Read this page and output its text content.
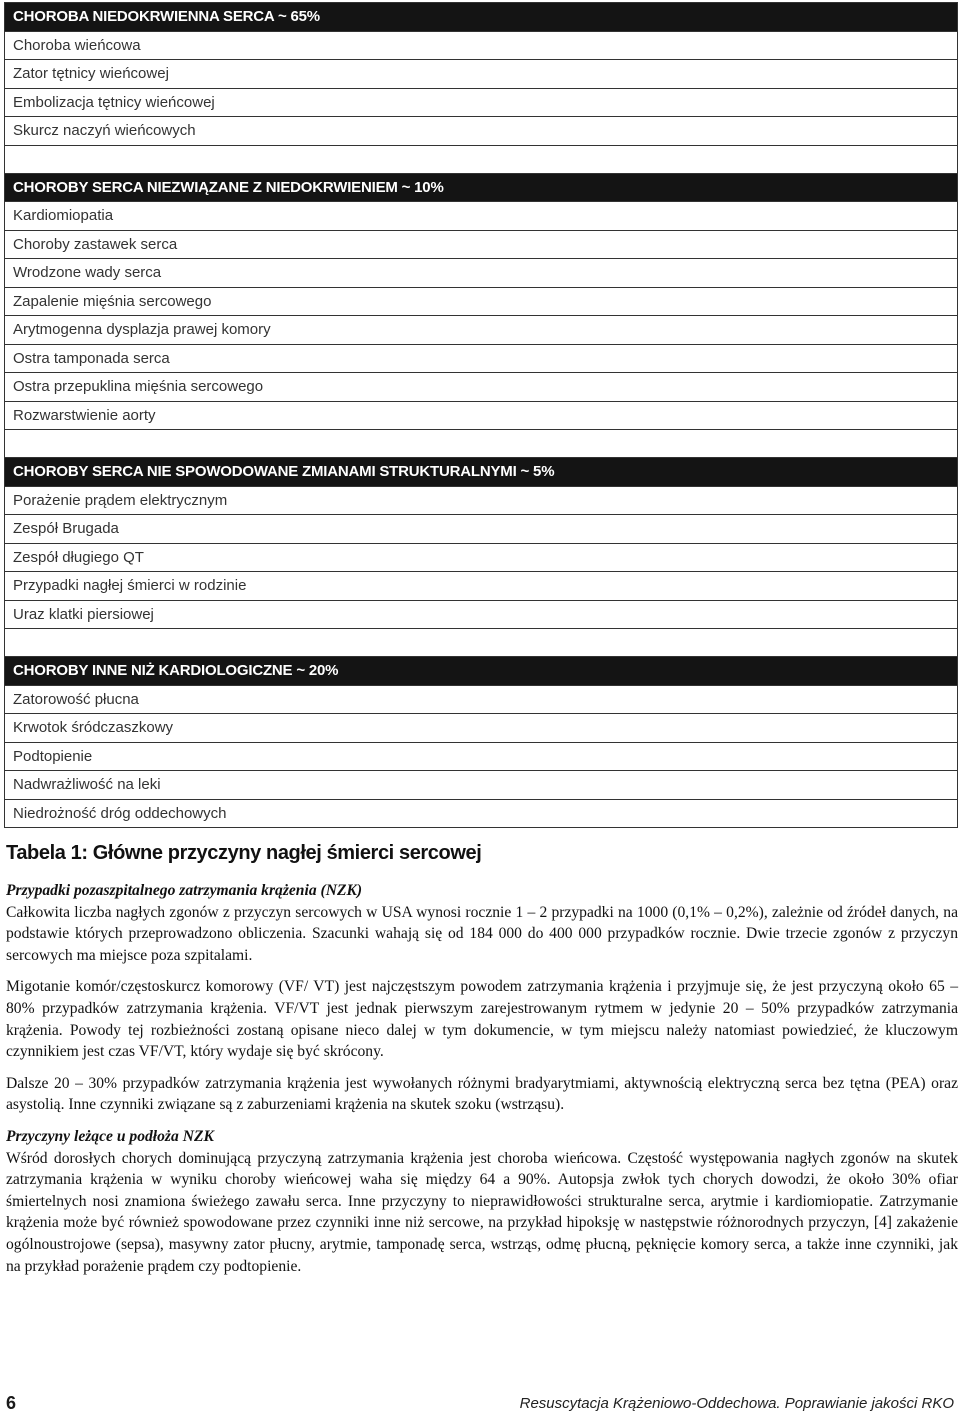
CHOROBA NIEDOKRWIENNA SERCA ~ 65%
Choroba wieńcowa
Zator tętnicy wieńcowej
Embolizacja tętnicy wieńcowej
Skurcz naczyń wieńcowych

CHOROBY SERCA NIEZWIĄZANE Z NIEDOKRWIENIEM ~ 10%
Kardiomiopatia
Choroby zastawek serca
Wrodzone wady serca
Zapalenie mięśnia sercowego
Arytmogenna dysplazja prawej komory
Ostra tamponada serca
Ostra przepuklina mięśnia sercowego
Rozwarstwienie aorty

CHOROBY SERCA NIE SPOWODOWANE ZMIANAMI STRUKTURALNYMI ~ 5%
Porażenie prądem elektrycznym
Zespół Brugada
Zespół długiego QT
Przypadki nagłej śmierci w rodzinie
Uraz klatki piersiowej

CHOROBY INNE NIŻ KARDIOLOGICZNE ~ 20%
Zatorowość płucna
Krwotok śródczaszkowy
Podtopienie
Nadwrażliwość na leki
Niedrożność dróg oddechowych
Tabela 1: Główne przyczyny nagłej śmierci sercowej
Przypadki pozaszpitalnego zatrzymania krążenia (NZK)

Całkowita liczba nagłych zgonów z przyczyn sercowych w USA wynosi rocznie 1 – 2 przypadki na 1000 (0,1% – 0,2%), zależnie od źródeł danych, na podstawie których przeprowadzono obliczenia. Szacunki wahają się od 184 000 do 400 000 przypadków rocznie. Dwie trzecie zgonów z przyczyn sercowych ma miejsce poza szpitalami.

Migotanie komór/częstoskurcz komorowy (VF/ VT) jest najczęstszym powodem zatrzymania krążenia i przyjmuje się, że jest przyczyną około 65 – 80% przypadków zatrzymania krążenia. VF/VT jest jednak pierwszym zarejestrowanym rytmem w jedynie 20 – 50% przypadków zatrzymania krążenia. Powody tej rozbieżności zostaną opisane nieco dalej w tym dokumencie, w tym miejscu należy natomiast powiedzieć, że kluczowym czynnikiem jest czas VF/VT, który wydaje się być skrócony.

Dalsze 20 – 30% przypadków zatrzymania krążenia jest wywołanych różnymi bradyarytmiami, aktywnością elektryczną serca bez tętna (PEA) oraz asystolią. Inne czynniki związane są z zaburzeniami krążenia na skutek szoku (wstrząsu).

Przyczyny leżące u podłoża NZK

Wśród dorosłych chorych dominującą przyczyną zatrzymania krążenia jest choroba wieńcowa. Częstość występowania nagłych zgonów na skutek zatrzymania krążenia w wyniku choroby wieńcowej waha się między 64 a 90%. Autopsja zwłok tych chorych dowodzi, że około 30% ofiar śmiertelnych nosi znamiona świeżego zawału serca. Inne przyczyny to nieprawidłowości strukturalne serca, arytmie i kardiomiopatie. Zatrzymanie krążenia może być również spowodowane przez czynniki inne niż sercowe, na przykład hipoksję w następstwie różnorodnych przyczyn, [4] zakażenie ogólnoustrojowe (sepsa), masywny zator płucny, arytmie, tamponadę serca, wstrząs, odmę płucną, pęknięcie komory serca, a także inne czynniki, jak na przykład porażenie prądem czy podtopienie.

6	Resuscytacja Krążeniowo-Oddechowa. Poprawianie jakości RKO
